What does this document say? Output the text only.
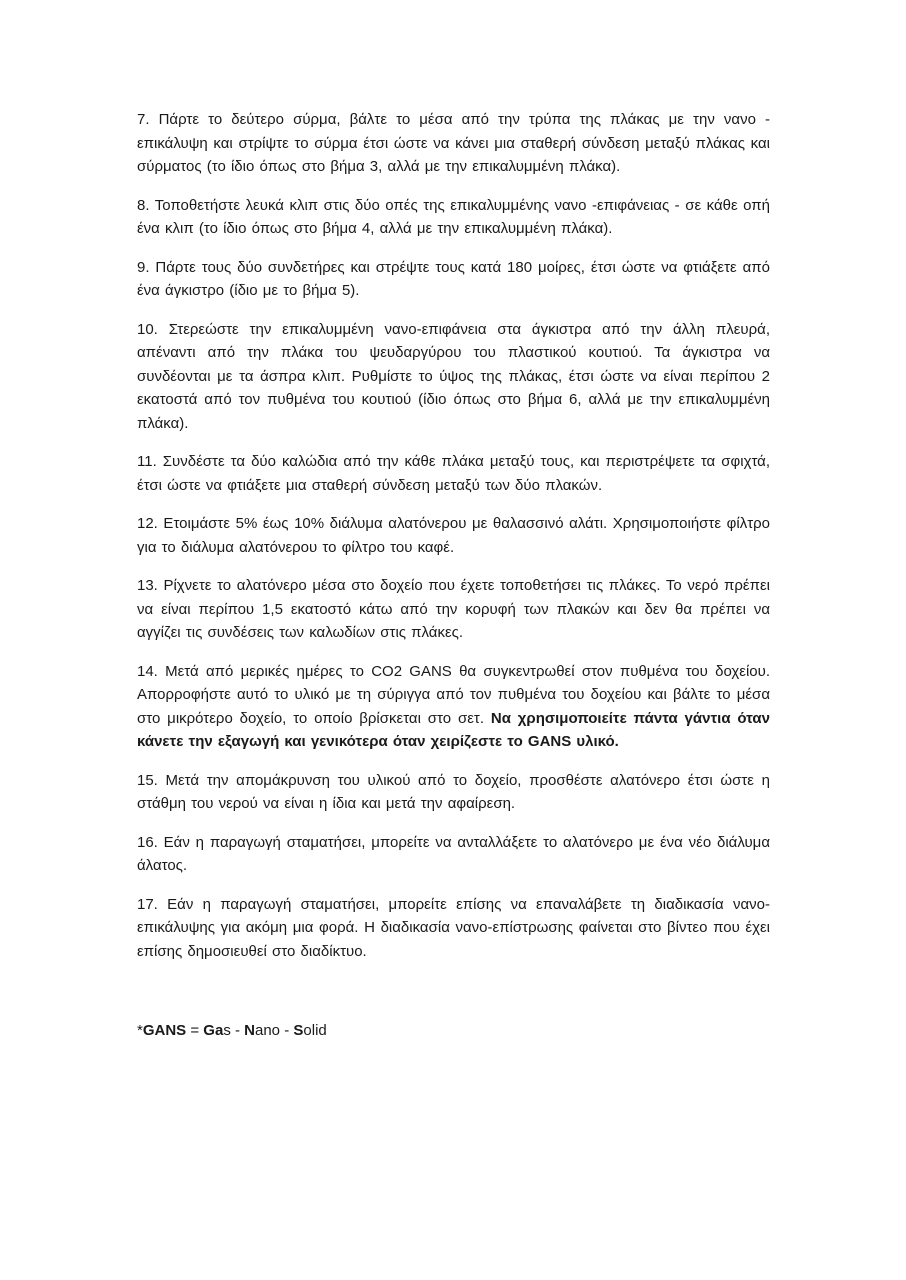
7. Πάρτε το δεύτερο σύρμα, βάλτε το μέσα από την τρύπα της πλάκας με την νανο - επικάλυψη και στρίψτε το σύρμα έτσι ώστε να κάνει μια σταθερή σύνδεση μεταξύ πλάκας και σύρματος (το ίδιο όπως στο βήμα 3, αλλά με την επικαλυμμένη πλάκα).

8. Τοποθετήστε λευκά κλιπ στις δύο οπές της επικαλυμμένης νανο -επιφάνειας - σε κάθε οπή ένα κλιπ (το ίδιο όπως στο βήμα 4, αλλά με την επικαλυμμένη πλάκα).

9. Πάρτε τους δύο συνδετήρες και στρέψτε τους κατά 180 μοίρες, έτσι ώστε να φτιάξετε από ένα άγκιστρο (ίδιο με το βήμα 5).

10. Στερεώστε την επικαλυμμένη νανο-επιφάνεια στα άγκιστρα από την άλλη πλευρά, απέναντι από την πλάκα του ψευδαργύρου του πλαστικού κουτιού. Τα άγκιστρα να συνδέονται με τα άσπρα κλιπ. Ρυθμίστε το ύψος της πλάκας, έτσι ώστε να είναι περίπου 2 εκατοστά από τον πυθμένα του κουτιού (ίδιο όπως στο βήμα 6, αλλά με την επικαλυμμένη πλάκα).

11. Συνδέστε τα δύο καλώδια από την κάθε πλάκα μεταξύ τους, και περιστρέψετε τα σφιχτά, έτσι ώστε να φτιάξετε μια σταθερή σύνδεση μεταξύ των δύο πλακών.

12. Ετοιμάστε 5% έως 10% διάλυμα αλατόνερου με θαλασσινό αλάτι. Χρησιμοποιήστε φίλτρο για το διάλυμα αλατόνερου το φίλτρο του καφέ.

13. Ρίχνετε το αλατόνερο μέσα στο δοχείο που έχετε τοποθετήσει τις πλάκες. Το νερό πρέπει να είναι περίπου 1,5 εκατοστό κάτω από την κορυφή των πλακών και δεν θα πρέπει να αγγίζει τις συνδέσεις των καλωδίων στις πλάκες.

14. Μετά από μερικές ημέρες το CO2 GANS θα συγκεντρωθεί στον πυθμένα του δοχείου. Απορροφήστε αυτό το υλικό με τη σύριγγα από τον πυθμένα του δοχείου και βάλτε το μέσα στο μικρότερο δοχείο, το οποίο βρίσκεται στο σετ. Να χρησιμοποιείτε πάντα γάντια όταν κάνετε την εξαγωγή και γενικότερα όταν χειρίζεστε το GANS υλικό.

15. Μετά την απομάκρυνση του υλικού από το δοχείο, προσθέστε αλατόνερο έτσι ώστε η στάθμη του νερού να είναι η ίδια και μετά την αφαίρεση.

16. Εάν η παραγωγή σταματήσει, μπορείτε να ανταλλάξετε το αλατόνερο με ένα νέο διάλυμα άλατος.

17. Εάν η παραγωγή σταματήσει, μπορείτε επίσης να επαναλάβετε τη διαδικασία νανο-επικάλυψης για ακόμη μια φορά. Η διαδικασία νανο-επίστρωσης φαίνεται στο βίντεο που έχει επίσης δημοσιευθεί στο διαδίκτυο.

*GANS = Gas - Nano - Solid
